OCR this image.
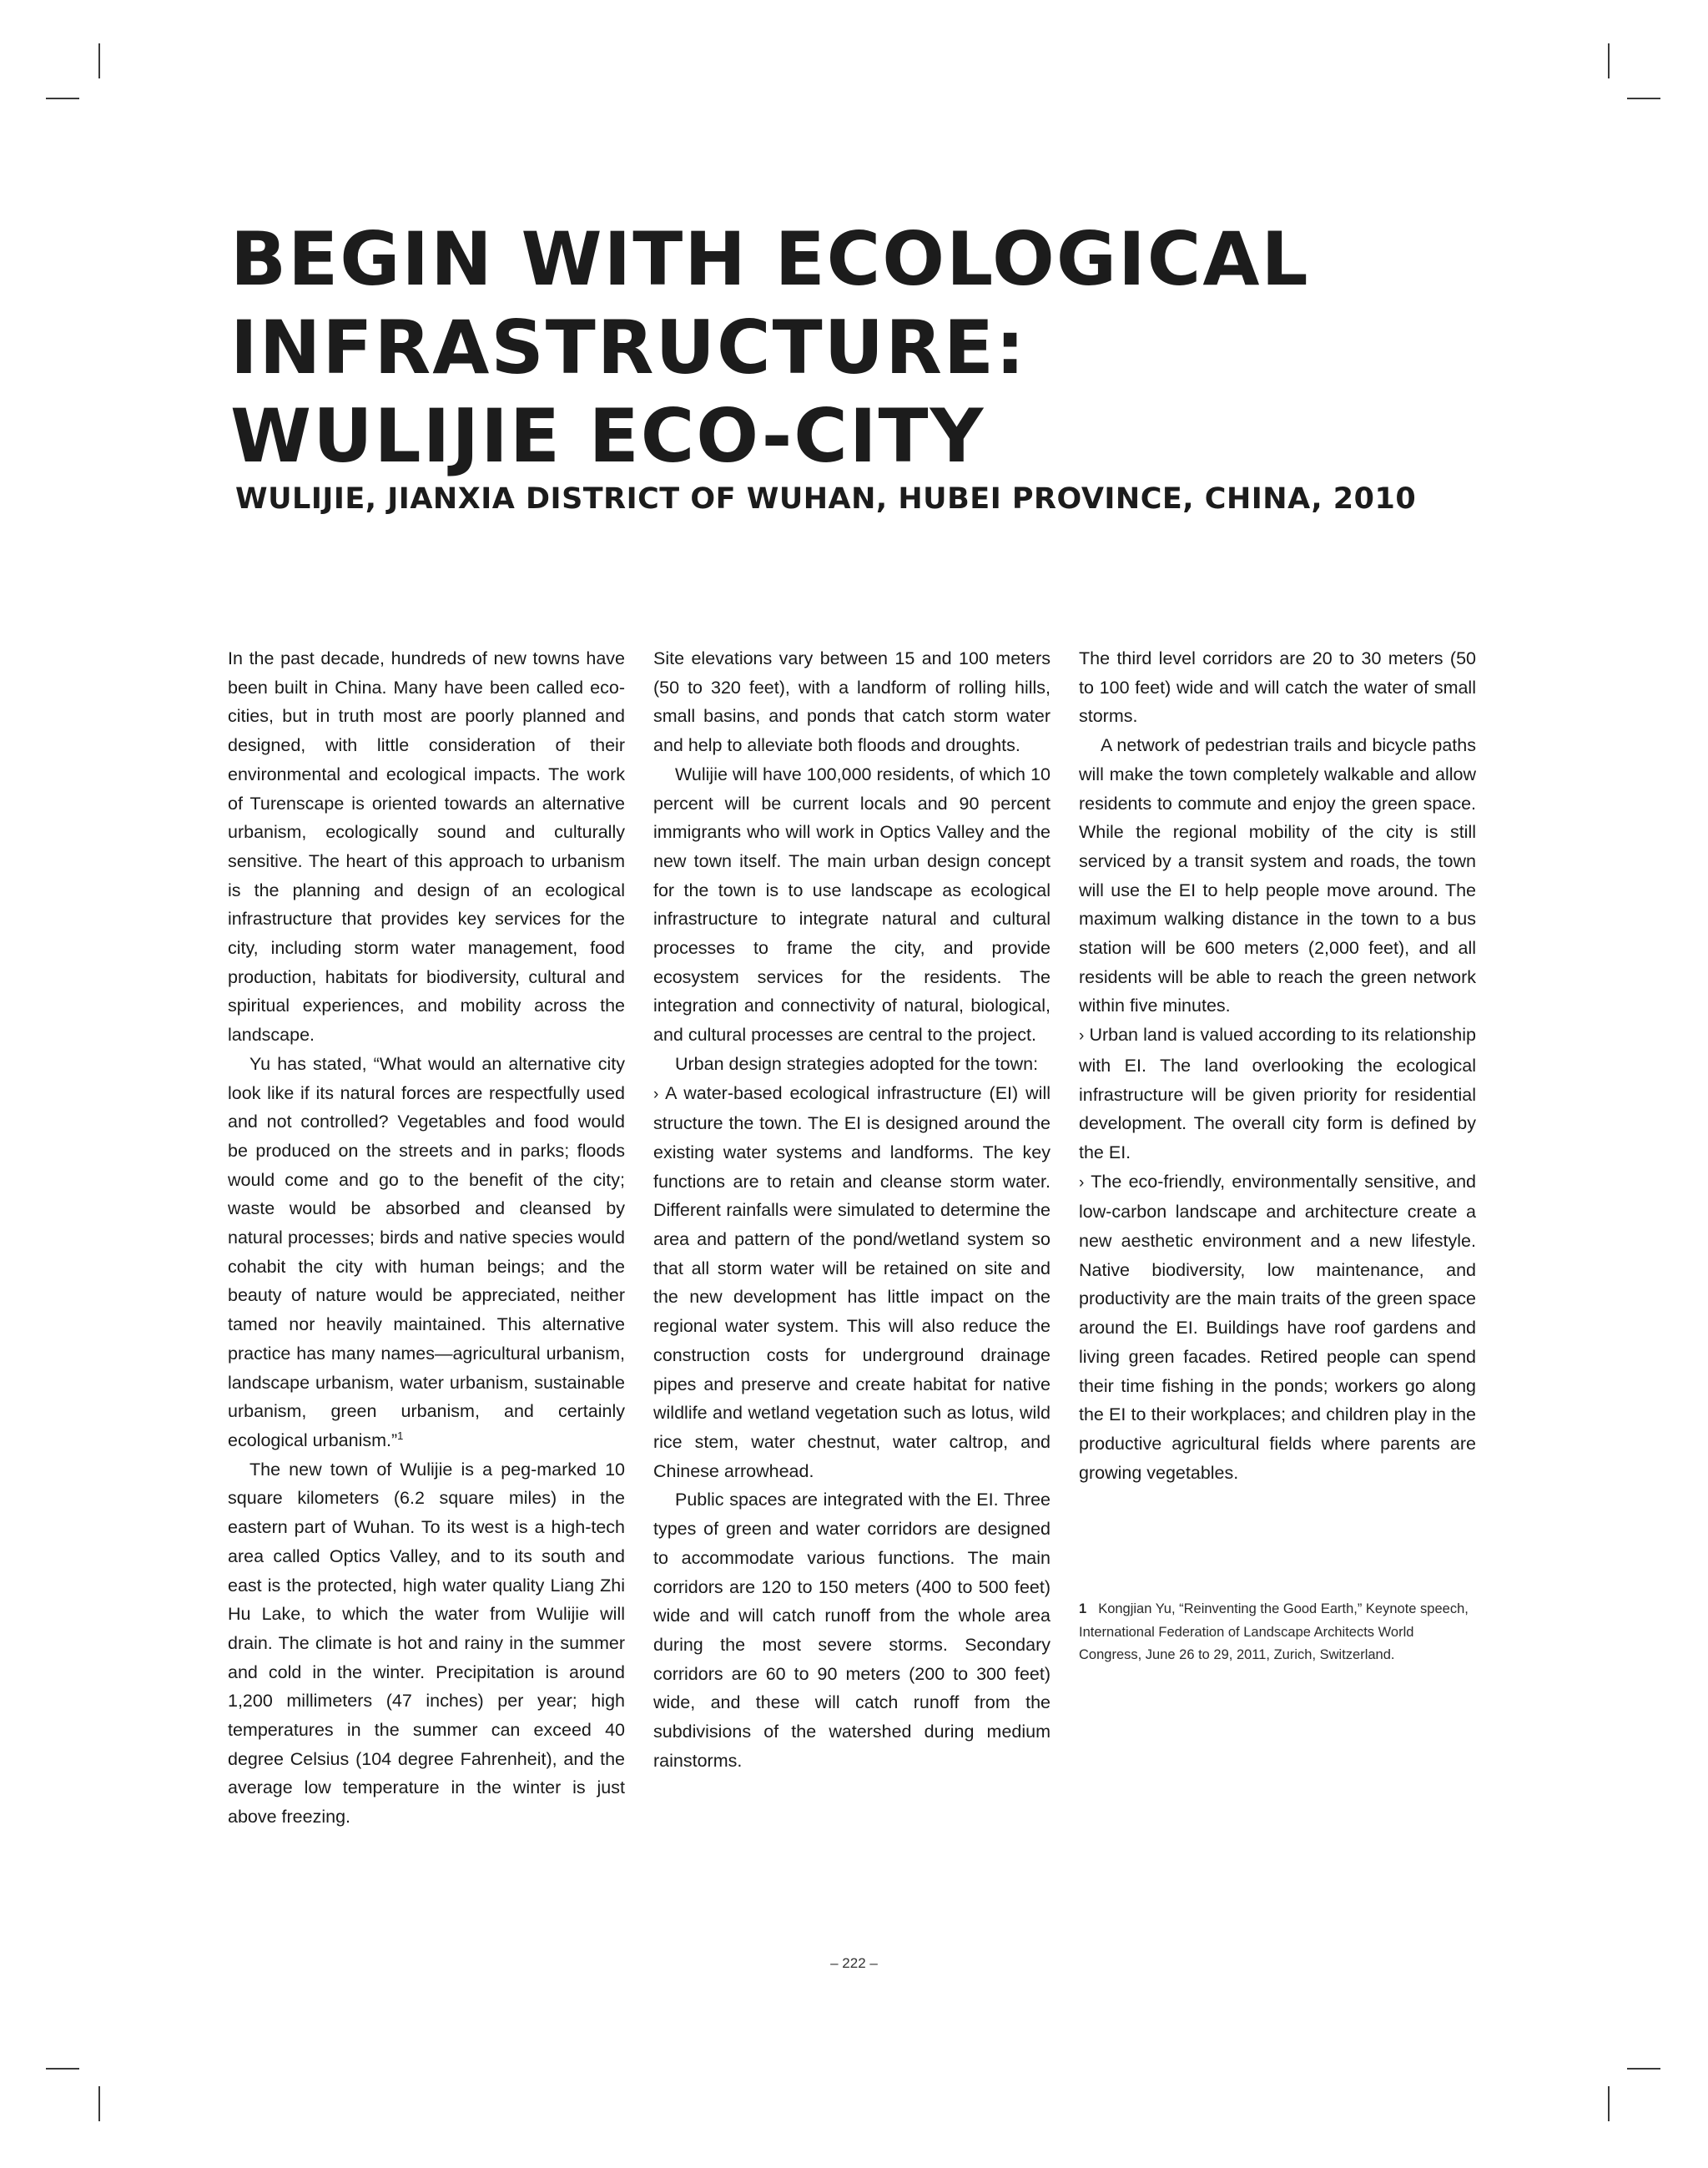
BEGIN WITH ECOLOGICAL
INFRASTRUCTURE:
WULIJIE ECO-CITY
WULIJIE, JIANXIA DISTRICT OF WUHAN, HUBEI PROVINCE, CHINA, 2010

In the past decade, hundreds of new towns have been built in China. Many have been called eco-cities, but in truth most are poorly planned and designed, with little consideration of their environmental and ecological impacts. The work of Turenscape is oriented towards an alternative urbanism, ecologically sound and culturally sensitive. The heart of this approach to urbanism is the planning and design of an ecological infrastructure that provides key services for the city, including storm water management, food production, habitats for biodiversity, cultural and spiritual experiences, and mobility across the landscape.

Yu has stated, “What would an alternative city look like if its natural forces are respectfully used and not controlled? Vegetables and food would be produced on the streets and in parks; floods would come and go to the benefit of the city; waste would be absorbed and cleansed by natural processes; birds and native species would cohabit the city with human beings; and the beauty of nature would be appreciated, neither tamed nor heavily maintained. This alternative practice has many names—agricultural urbanism, landscape urbanism, water urbanism, sustainable urbanism, green urbanism, and certainly ecological urbanism.”$^1$

The new town of Wulijie is a peg-marked 10 square kilometers (6.2 square miles) in the eastern part of Wuhan. To its west is a high-tech area called Optics Valley, and to its south and east is the protected, high water quality Liang Zhi Hu Lake, to which the water from Wulijie will drain. The climate is hot and rainy in the summer and cold in the winter. Precipitation is around 1,200 millimeters (47 inches) per year; high temperatures in the summer can exceed 40 degree Celsius (104 degree Fahrenheit), and the average low temperature in the winter is just above freezing.

Site elevations vary between 15 and 100 meters (50 to 320 feet), with a landform of rolling hills, small basins, and ponds that catch storm water and help to alleviate both floods and droughts.

Wulijie will have 100,000 residents, of which 10 percent will be current locals and 90 percent immigrants who will work in Optics Valley and the new town itself. The main urban design concept for the town is to use landscape as ecological infrastructure to integrate natural and cultural processes to frame the city, and provide ecosystem services for the residents. The integration and connectivity of natural, biological, and cultural processes are central to the project.

Urban design strategies adopted for the town:

› A water-based ecological infrastructure (EI) will structure the town. The EI is designed around the existing water systems and landforms. The key functions are to retain and cleanse storm water. Different rainfalls were simulated to determine the area and pattern of the pond/wetland system so that all storm water will be retained on site and the new development has little impact on the regional water system. This will also reduce the construction costs for underground drainage pipes and preserve and create habitat for native wildlife and wetland vegetation such as lotus, wild rice stem, water chestnut, water caltrop, and Chinese arrowhead.

Public spaces are integrated with the EI. Three types of green and water corridors are designed to accommodate various functions. The main corridors are 120 to 150 meters (400 to 500 feet) wide and will catch runoff from the whole area during the most severe storms. Secondary corridors are 60 to 90 meters (200 to 300 feet) wide, and these will catch runoff from the subdivisions of the watershed during medium rainstorms.

The third level corridors are 20 to 30 meters (50 to 100 feet) wide and will catch the water of small storms.

A network of pedestrian trails and bicycle paths will make the town completely walkable and allow residents to commute and enjoy the green space. While the regional mobility of the city is still serviced by a transit system and roads, the town will use the EI to help people move around. The maximum walking distance in the town to a bus station will be 600 meters (2,000 feet), and all residents will be able to reach the green network within five minutes.

› Urban land is valued according to its relationship with EI. The land overlooking the ecological infrastructure will be given priority for residential development. The overall city form is defined by the EI.

› The eco-friendly, environmentally sensitive, and low-carbon landscape and architecture create a new aesthetic environment and a new lifestyle. Native biodiversity, low maintenance, and productivity are the main traits of the green space around the EI. Buildings have roof gardens and living green facades. Retired people can spend their time fishing in the ponds; workers go along the EI to their workplaces; and children play in the productive agricultural fields where parents are growing vegetables.

1 Kongjian Yu, “Reinventing the Good Earth,” Keynote speech, International Federation of Landscape Architects World Congress, June 26 to 29, 2011, Zurich, Switzerland.
– 222 –
